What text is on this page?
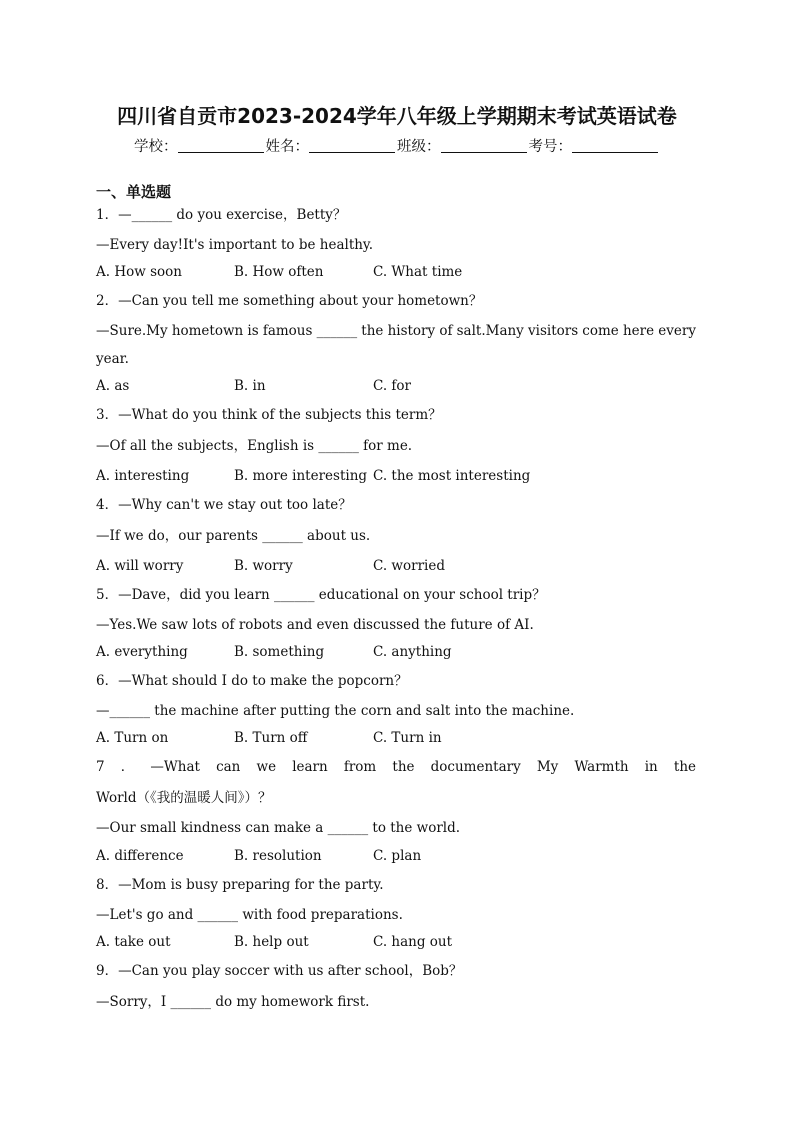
四川省自贡市2023-2024学年八年级上学期期末考试英语试卷
学校：	姓名：	班级：	考号：
一、单选题
1．—______ do you exercise，Betty？
—Every day!It's important to be healthy.
A. How soon	B. How often	C. What time
2．—Can you tell me something about your hometown？
—Sure.My hometown is famous ______ the history of salt.Many visitors come here every
year.
A. as	B. in	C. for
3．—What do you think of the subjects this term？
—Of all the subjects，English is ______ for me.
A. interesting	B. more interesting C. the most interesting
4．—Why can't we stay out too late？
—If we do，our parents ______ about us.
A. will worry	B. worry	C. worried
5．—Dave，did you learn ______ educational on your school trip？
—Yes.We saw lots of robots and even discussed the future of AI.
A. everything	B. something	C. anything
6．—What should I do to make the popcorn？
—______ the machine after putting the corn and salt into the machine.
A. Turn on	B. Turn off	C. Turn in
7 ． —What can we learn from the documentary My Warmth in the
World（《我的温暖人间》）？
—Our small kindness can make a ______ to the world.
A. difference	B. resolution	C. plan
8．—Mom is busy preparing for the party.
—Let's go and ______ with food preparations.
A. take out	B. help out	C. hang out
9．—Can you play soccer with us after school，Bob？
—Sorry，I ______ do my homework first.
